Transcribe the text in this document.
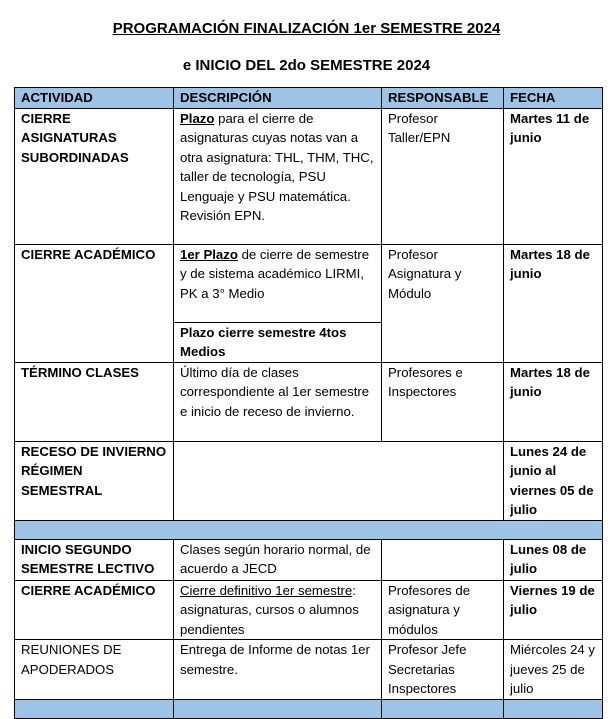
PROGRAMACIÓN FINALIZACIÓN 1er SEMESTRE 2024
e INICIO DEL 2do SEMESTRE 2024
ACTIVIDAD	DESCRIPCIÓN	RESPONSABLE	FECHA
CIERRE ASIGNATURAS SUBORDINADAS	Plazo para el cierre de asignaturas cuyas notas van a otra asignatura: THL, THM, THC, taller de tecnología, PSU Lenguaje y PSU matemática. Revisión EPN.	Profesor Taller/EPN	Martes 11 de junio
CIERRE ACADÉMICO	1er Plazo de cierre de semestre y de sistema académico LIRMI, PK a 3° Medio	Profesor Asignatura y Módulo	Martes 18 de junio
	Plazo cierre semestre 4tos Medios		
TÉRMINO CLASES	Último día de clases correspondiente al 1er semestre e inicio de receso de invierno.	Profesores e Inspectores	Martes 18 de junio
RECESO DE INVIERNO RÉGIMEN SEMESTRAL			Lunes 24 de junio al viernes 05 de julio

INICIO SEGUNDO SEMESTRE LECTIVO	Clases según horario normal, de acuerdo a JECD		Lunes 08 de julio
CIERRE ACADÉMICO	Cierre definitivo 1er semestre: asignaturas, cursos o alumnos pendientes	Profesores de asignatura y módulos	Viernes 19 de julio
REUNIONES DE APODERADOS	Entrega de Informe de notas 1er semestre.	Profesor Jefe Secretarias Inspectores	Miércoles 24 y jueves 25 de julio
